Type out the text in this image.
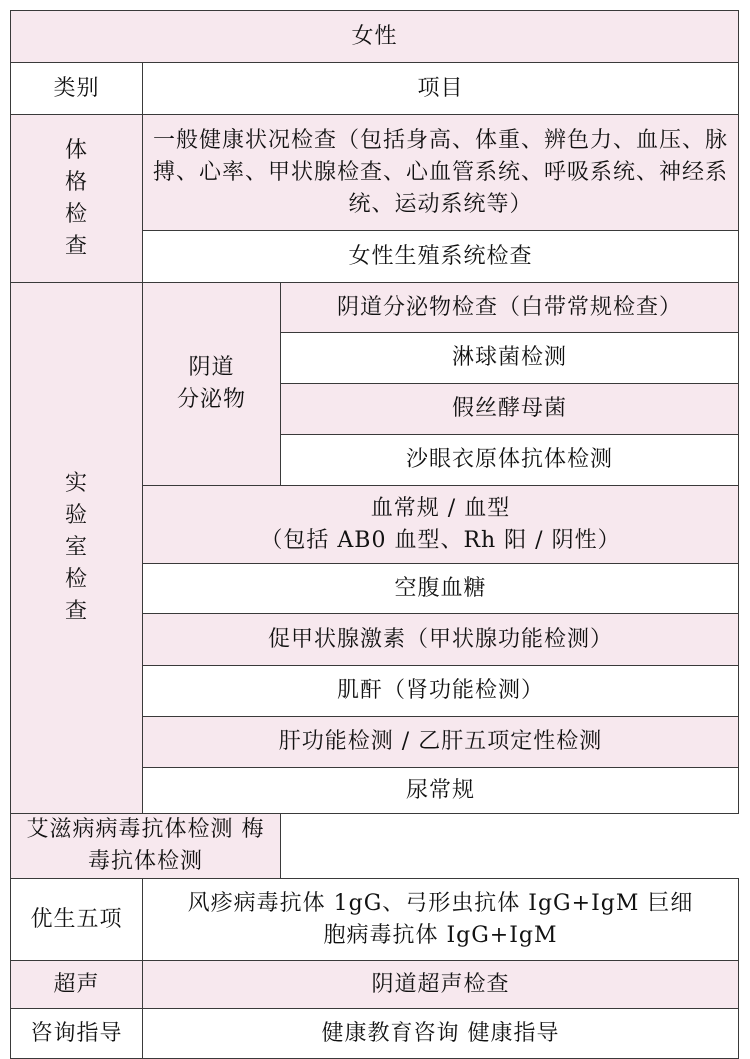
女性		
类别	项目	

体
格
检
查	一般健康状况检查（包括身高、体重、辨色力、血压、脉搏、心率、甲状腺检查、心血管系统、呼吸系统、神经系统、运动系统等）	
	女性生殖系统检查	

实
验
室
检
查	阴道
分泌物	阴道分泌物检查（白带常规检查）
		淋球菌检测
		假丝酵母菌
		沙眼衣原体抗体检测

	血常规 / 血型
（包括 AB0 血型、Rh 阳 / 阴性）	

	空腹血糖	
	促甲状腺激素（甲状腺功能检测）	
	肌酐（肾功能检测）	
	肝功能检测 / 乙肝五项定性检测	
	尿常规	
艾滋病病毒抗体检测 梅毒抗体检测		
优生五项	风疹病毒抗体 1gG、弓形虫抗体 IgG+IgM 巨细
胞病毒抗体 IgG+IgM	

超声	阴道超声检查	
咨询指导	健康教育咨询 健康指导	
